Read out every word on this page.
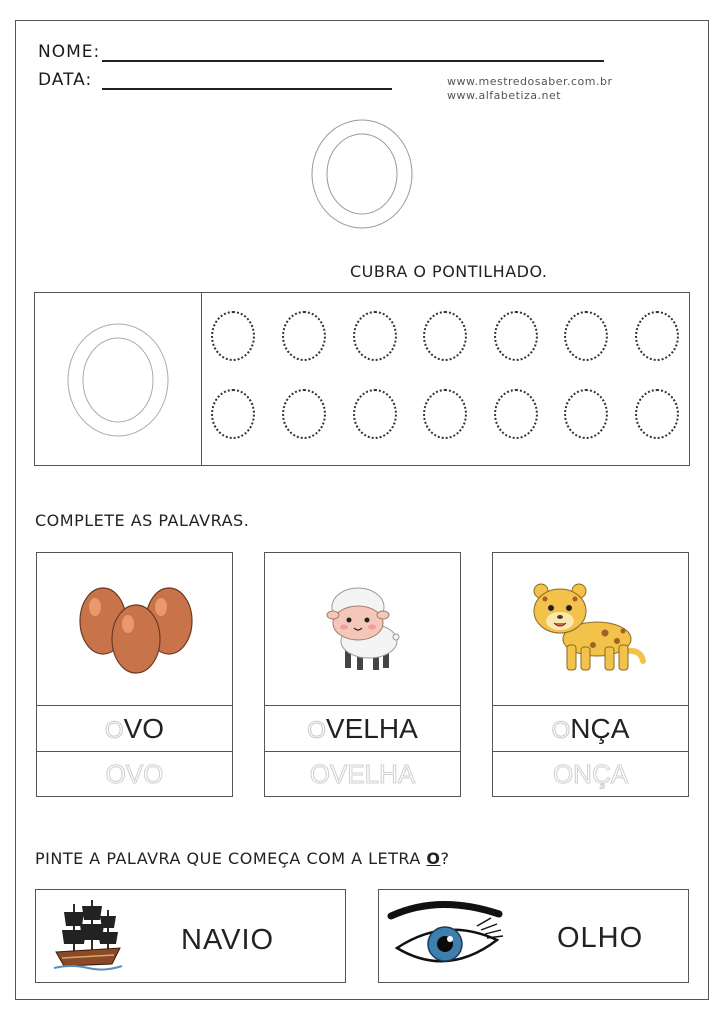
NOME:
DATA:	www.mestredosaber.com.br
www.alfabetiza.net
CUBRA O PONTILHADO.
COMPLETE AS PALAVRAS.
OVO
OVO
OVELHA
OVELHA
ONÇA
ONÇA
PINTE A PALAVRA QUE COMEÇA COM A LETRA O?
NAVIO	OLHO
